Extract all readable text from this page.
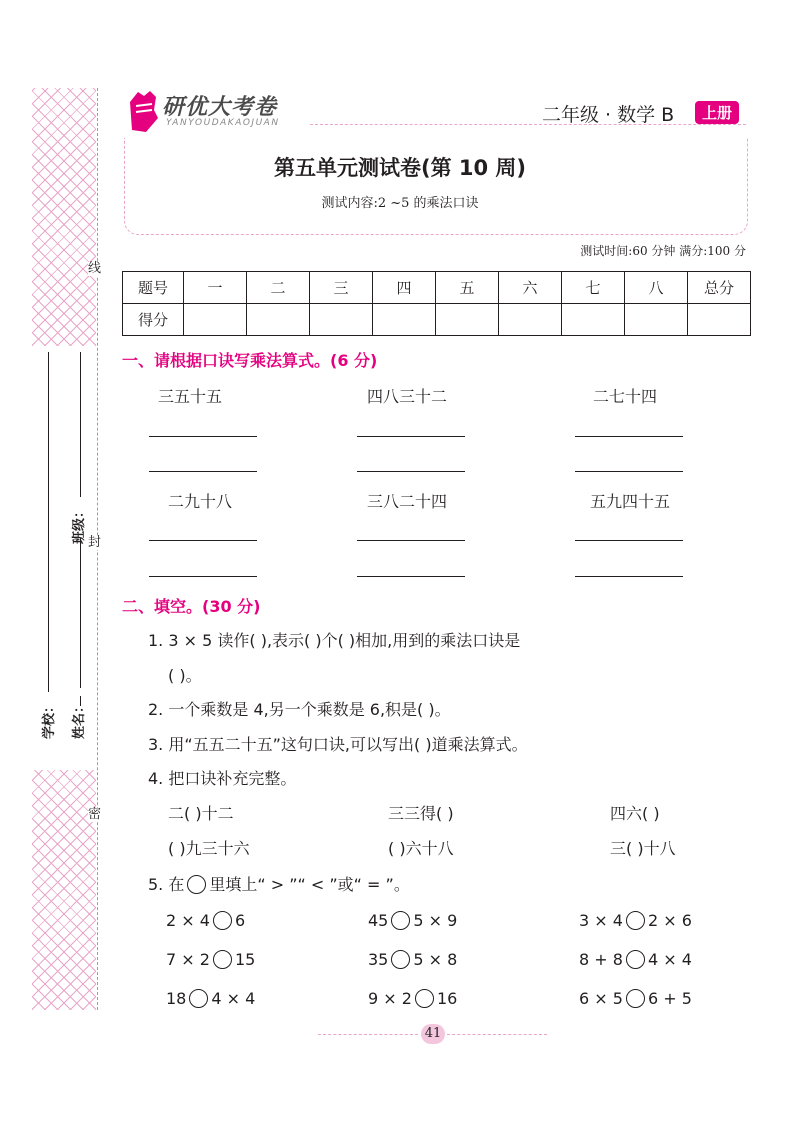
线
封
密
班级：
学校：	姓名：
研优大考卷
YANYOUDAKAOJUAN	二年级 · 数学 B	上册
第五单元测试卷(第 10 周)
测试内容:2 ~5 的乘法口诀
测试时间:60 分钟 满分:100 分
题号	一	二	三	四	五	六	七	八	总分
得分									
一、请根据口诀写乘法算式。(6 分)
三五十五	四八三十二	二七十四
二九十八	三八二十四	五九四十五
二、填空。(30 分)
1. 3 × 5 读作( ),表示( )个( )相加,用到的乘法口诀是
( )。
2. 一个乘数是 4,另一个乘数是 6,积是( )。
3. 用“五五二十五”这句口诀,可以写出( )道乘法算式。
4. 把口诀补充完整。
二( )十二	三三得( )	四六( )
( )九三十六	( )六十八	三( )十八
5. 在 里填上“ > ”“ < ”或“ = ”。
2 × 4 6	45 5 × 9	3 × 4 2 × 6
7 × 2 15	35 5 × 8	8 + 8 4 × 4
18 4 × 4	9 × 2 16	6 × 5 6 + 5
41
